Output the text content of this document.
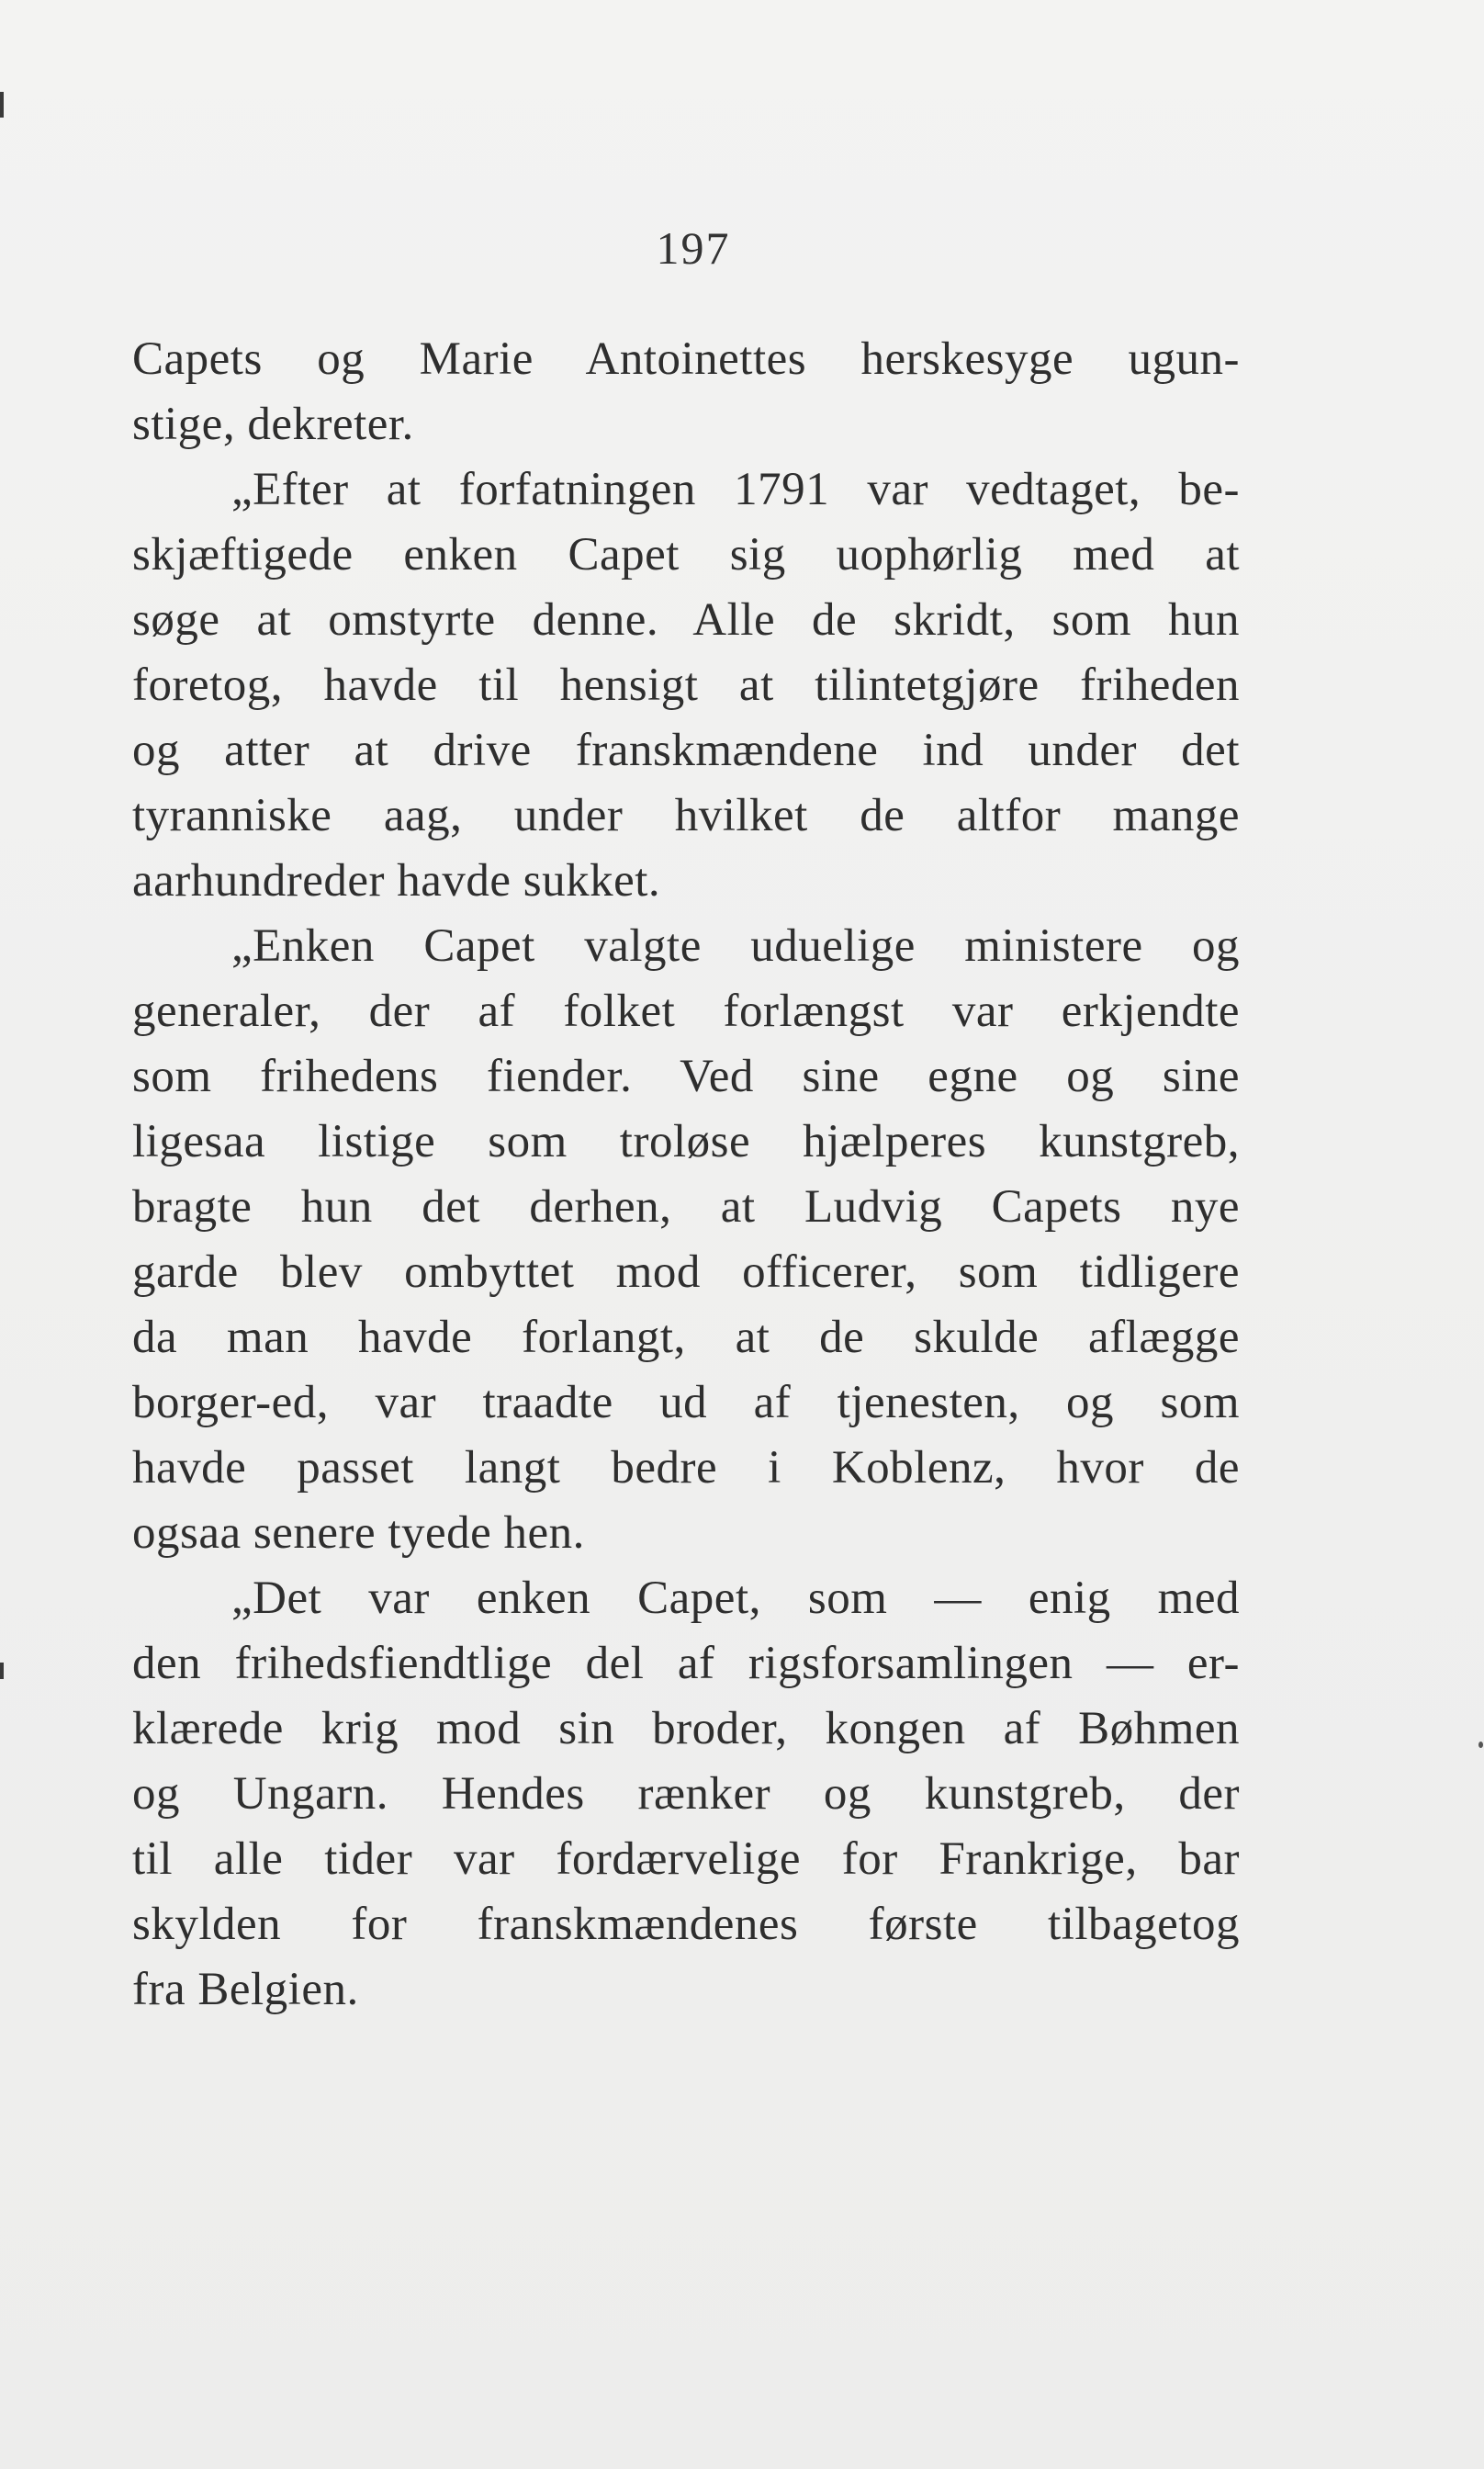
197
Capets og Marie Antoinettes herskesyge ugun-
stige, dekreter.
„Efter at forfatningen 1791 var vedtaget, be-
skjæftigede enken Capet sig uophørlig med at
søge at omstyrte denne. Alle de skridt, som hun
foretog, havde til hensigt at tilintetgjøre friheden
og atter at drive franskmændene ind under det
tyranniske aag, under hvilket de altfor mange
aarhundreder havde sukket.
„Enken Capet valgte uduelige ministere og
generaler, der af folket forlængst var erkjendte
som frihedens fiender. Ved sine egne og sine
ligesaa listige som troløse hjælperes kunstgreb,
bragte hun det derhen, at Ludvig Capets nye
garde blev ombyttet mod officerer, som tidligere
da man havde forlangt, at de skulde aflægge
borger-ed, var traadte ud af tjenesten, og som
havde passet langt bedre i Koblenz, hvor de
ogsaa senere tyede hen.
„Det var enken Capet, som — enig med
den frihedsfiendtlige del af rigsforsamlingen — er-
klærede krig mod sin broder, kongen af Bøhmen
og Ungarn. Hendes rænker og kunstgreb, der
til alle tider var fordærvelige for Frankrige, bar
skylden for franskmændenes første tilbagetog
fra Belgien.
